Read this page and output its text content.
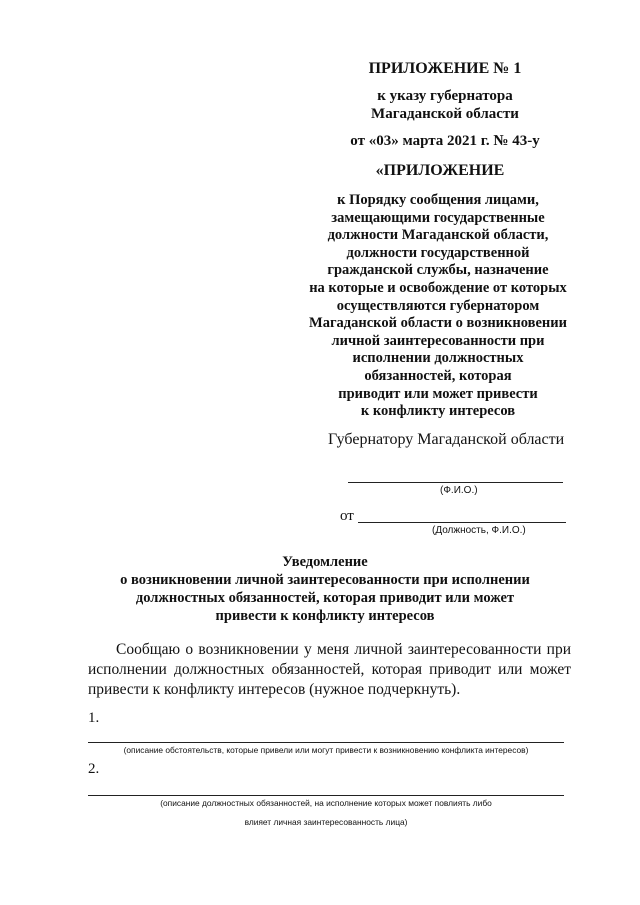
ПРИЛОЖЕНИЕ № 1
к указу губернатора
Магаданской области
от «03» марта 2021 г. № 43-у
«ПРИЛОЖЕНИЕ
к Порядку сообщения лицами,
замещающими государственные
должности Магаданской области,
должности государственной
гражданской службы, назначение
на которые и освобождение от которых
осуществляются губернатором
Магаданской области о возникновении
личной заинтересованности при
исполнении должностных
обязанностей, которая
приводит или может привести
к конфликту интересов
Губернатору Магаданской области
(Ф.И.О.)
от
(Должность, Ф.И.О.)
Уведомление
о возникновении личной заинтересованности при исполнении
должностных обязанностей, которая приводит или может
привести к конфликту интересов
Сообщаю о возникновении у меня личной заинтересованности при
исполнении должностных обязанностей, которая приводит или может
привести к конфликту интересов (нужное подчеркнуть).
1.
(описание обстоятельств, которые привели или могут привести к возникновению конфликта интересов)
2.
(описание должностных обязанностей, на исполнение которых может повлиять либо
влияет личная заинтересованность лица)
